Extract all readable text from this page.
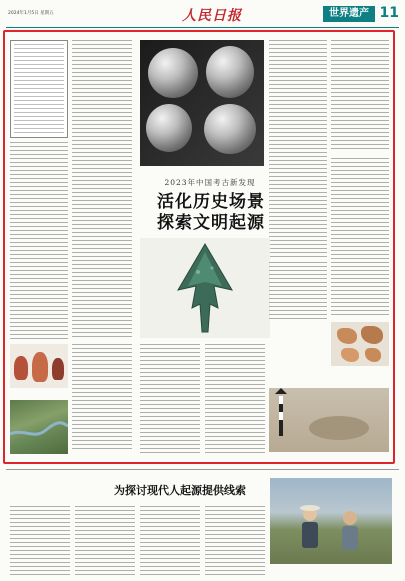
2024年1月5日 星期五	人民日报	世界遗产 11
2023年中国考古新发现
活化历史场景
探索文明起源
为探讨现代人起源提供线索
